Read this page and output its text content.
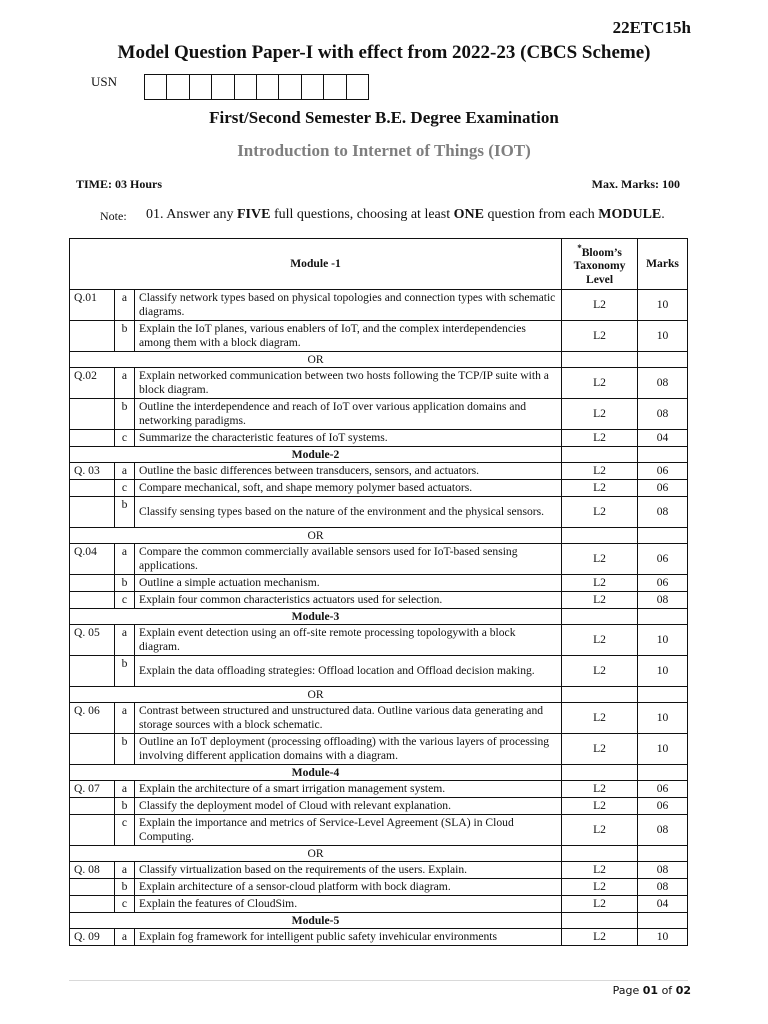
22ETC15h
Model Question Paper-I with effect from 2022-23 (CBCS Scheme)
USN
First/Second Semester B.E. Degree Examination
Introduction to Internet of Things (IOT)
TIME: 03 Hours	Max. Marks: 100
Note: 01. Answer any FIVE full questions, choosing at least ONE question from each MODULE.
Module -1			*Bloom’s
Taxonomy
Level	Marks
Q.01	a	Classify network types based on physical topologies and connection types with schematic diagrams.	L2	10
	b	Explain the IoT planes, various enablers of IoT, and the complex interdependencies among them with a block diagram.	L2	10
OR				
Q.02	a	Explain networked communication between two hosts following the TCP/IP suite with a block diagram.	L2	08
	b	Outline the interdependence and reach of IoT over various application domains and networking paradigms.	L2	08
	c	Summarize the characteristic features of IoT systems.	L2	04
Module-2				
Q. 03	a	Outline the basic differences between transducers, sensors, and actuators.	L2	06
	c	Compare mechanical, soft, and shape memory polymer based actuators.	L2	06
	b	Classify sensing types based on the nature of the environment and the physical sensors.	L2	08
OR				
Q.04	a	Compare the common commercially available sensors used for IoT-based sensing applications.	L2	06
	b	Outline a simple actuation mechanism.	L2	06
	c	Explain four common characteristics actuators used for selection.	L2	08
Module-3				
Q. 05	a	Explain event detection using an off-site remote processing topologywith a block diagram.	L2	10
	b	Explain the data offloading strategies: Offload location and Offload decision making.	L2	10
OR				
Q. 06	a	Contrast between structured and unstructured data. Outline various data generating and storage sources with a block schematic.	L2	10
	b	Outline an IoT deployment (processing offloading) with the various layers of processing involving different application domains with a diagram.	L2	10
Module-4				
Q. 07	a	Explain the architecture of a smart irrigation management system.	L2	06
	b	Classify the deployment model of Cloud with relevant explanation.	L2	06
	c	Explain the importance and metrics of Service-Level Agreement (SLA) in Cloud Computing.	L2	08
OR				
Q. 08	a	Classify virtualization based on the requirements of the users. Explain.	L2	08
	b	Explain architecture of a sensor-cloud platform with bock diagram.	L2	08
	c	Explain the features of CloudSim.	L2	04
Module-5				
Q. 09	a	Explain fog framework for intelligent public safety invehicular environments	L2	10
Page 01 of 02
